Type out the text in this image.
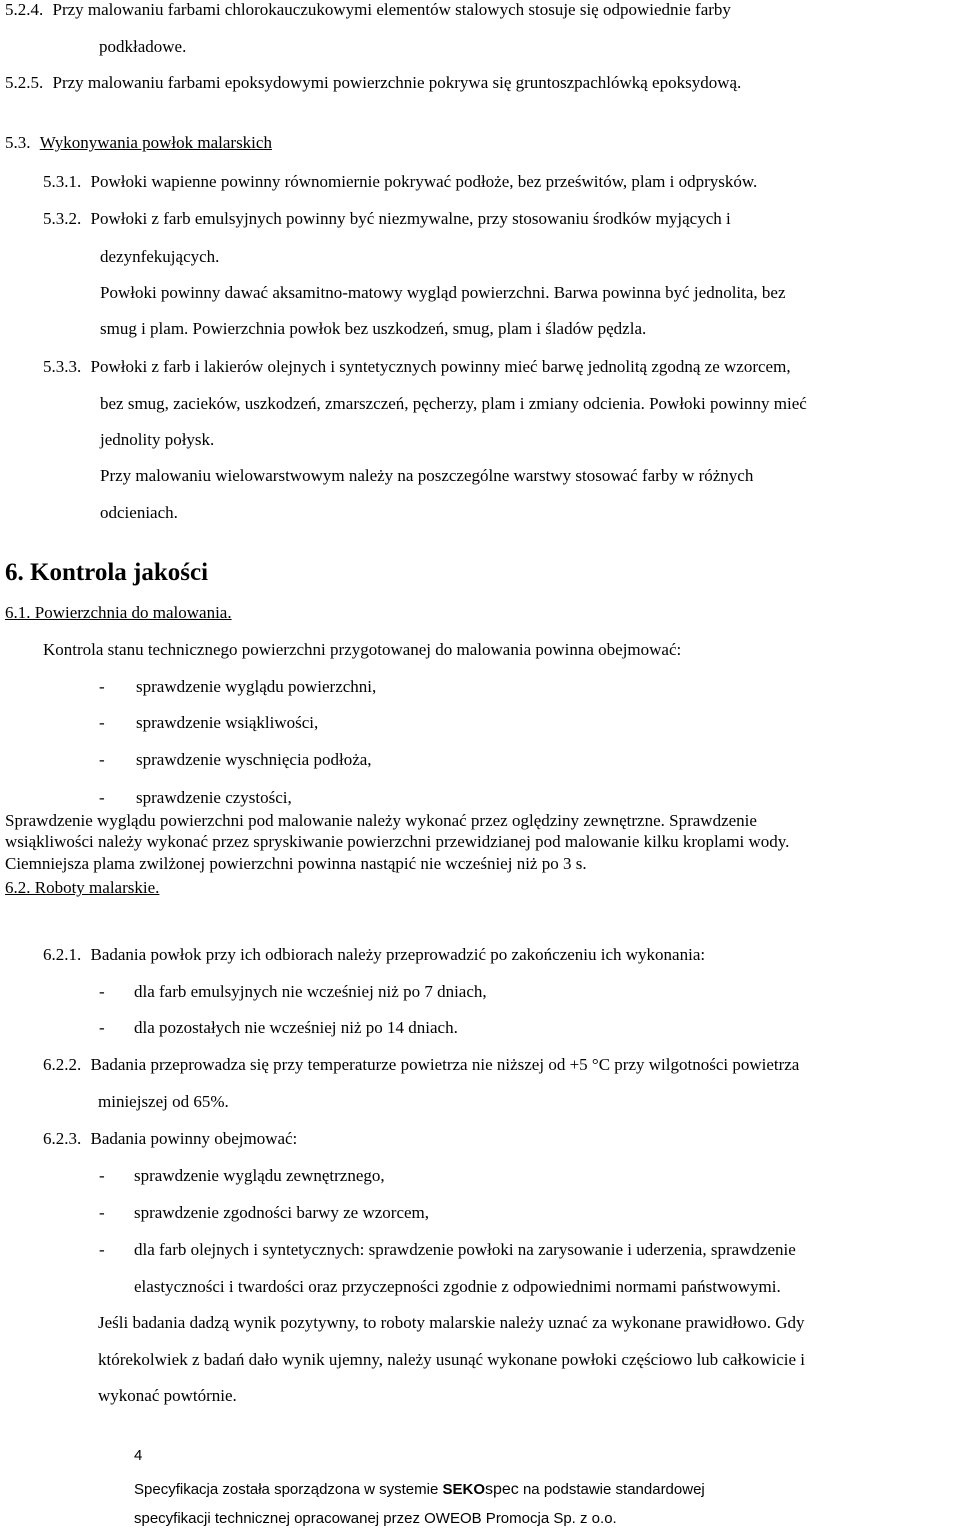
5.2.4. Przy malowaniu farbami chlorokauczukowymi elementów stalowych stosuje się odpowiednie farby
podkładowe.
5.2.5. Przy malowaniu farbami epoksydowymi powierzchnie pokrywa się gruntoszpachlówką epoksydową.
5.3. Wykonywania powłok malarskich
5.3.1. Powłoki wapienne powinny równomiernie pokrywać podłoże, bez prześwitów, plam i odprysków.
5.3.2. Powłoki z farb emulsyjnych powinny być niezmywalne, przy stosowaniu środków myjących i
dezynfekujących.
Powłoki powinny dawać aksamitno-matowy wygląd powierzchni. Barwa powinna być jednolita, bez
smug i plam. Powierzchnia powłok bez uszkodzeń, smug, plam i śladów pędzla.
5.3.3. Powłoki z farb i lakierów olejnych i syntetycznych powinny mieć barwę jednolitą zgodną ze wzorcem,
bez smug, zacieków, uszkodzeń, zmarszczeń, pęcherzy, plam i zmiany odcienia. Powłoki powinny mieć
jednolity połysk.
Przy malowaniu wielowarstwowym należy na poszczególne warstwy stosować farby w różnych
odcieniach.
6. Kontrola jakości
6.1. Powierzchnia do malowania.
Kontrola stanu technicznego powierzchni przygotowanej do malowania powinna obejmować:
- sprawdzenie wyglądu powierzchni,
- sprawdzenie wsiąkliwości,
- sprawdzenie wyschnięcia podłoża,
- sprawdzenie czystości,
Sprawdzenie wyglądu powierzchni pod malowanie należy wykonać przez oględziny zewnętrzne. Sprawdzenie
wsiąkliwości należy wykonać przez spryskiwanie powierzchni przewidzianej pod malowanie kilku kroplami wody.
Ciemniejsza plama zwilżonej powierzchni powinna nastąpić nie wcześniej niż po 3 s.
6.2. Roboty malarskie.
6.2.1. Badania powłok przy ich odbiorach należy przeprowadzić po zakończeniu ich wykonania:
- dla farb emulsyjnych nie wcześniej niż po 7 dniach,
- dla pozostałych nie wcześniej niż po 14 dniach.
6.2.2. Badania przeprowadza się przy temperaturze powietrza nie niższej od +5 °C przy wilgotności powietrza
miniejszej od 65%.
6.2.3. Badania powinny obejmować:
- sprawdzenie wyglądu zewnętrznego,
- sprawdzenie zgodności barwy ze wzorcem,
- dla farb olejnych i syntetycznych: sprawdzenie powłoki na zarysowanie i uderzenia, sprawdzenie
elastyczności i twardości oraz przyczepności zgodnie z odpowiednimi normami państwowymi.
Jeśli badania dadzą wynik pozytywny, to roboty malarskie należy uznać za wykonane prawidłowo. Gdy
którekolwiek z badań dało wynik ujemny, należy usunąć wykonane powłoki częściowo lub całkowicie i
wykonać powtórnie.
4
Specyfikacja została sporządzona w systemie SEKOspec na podstawie standardowej
specyfikacji technicznej opracowanej przez OWEOB Promocja Sp. z o.o.
